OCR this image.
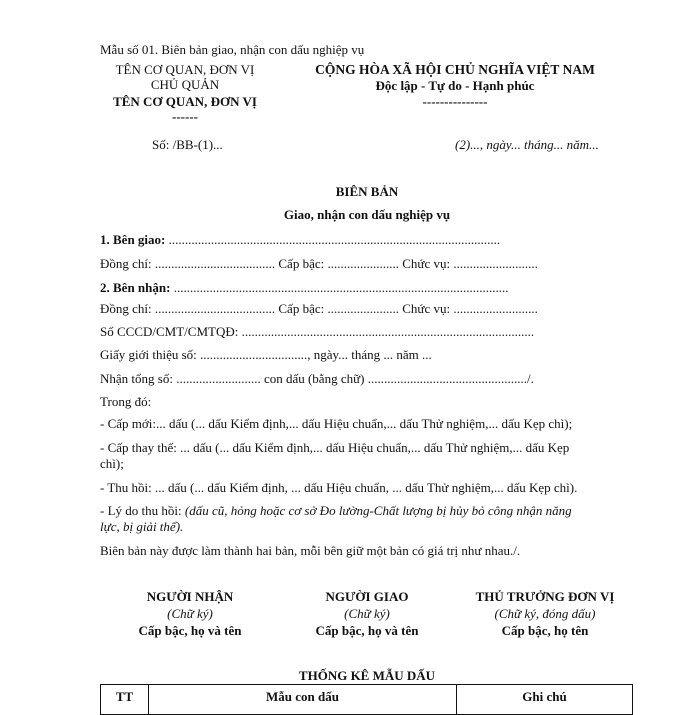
Mẫu số 01. Biên bản giao, nhận con dấu nghiệp vụ
TÊN CƠ QUAN, ĐƠN VỊ
CHỦ QUẢN
TÊN CƠ QUAN, ĐƠN VỊ
------
CỘNG HÒA XÃ HỘI CHỦ NGHĨA VIỆT NAM
Độc lập - Tự do - Hạnh phúc
---------------
Số: /BB-(1)...	(2)..., ngày... tháng... năm...
BIÊN BẢN
Giao, nhận con dấu nghiệp vụ
1. Bên giao: ......................................................................................................
Đồng chí: ..................................... Cấp bậc: ...................... Chức vụ: ..........................
2. Bên nhận: .......................................................................................................
Đồng chí: ..................................... Cấp bậc: ...................... Chức vụ: ..........................
Số CCCD/CMT/CMTQĐ: ..........................................................................................
Giấy giới thiệu số: ................................., ngày... tháng ... năm ...
Nhận tổng số: .......................... con dấu (bằng chữ) ................................................./.
Trong đó:
- Cấp mới:... dấu (... dấu Kiểm định,... dấu Hiệu chuẩn,... dấu Thử nghiệm,... dấu Kẹp chì);
- Cấp thay thế: ... dấu (... dấu Kiểm định,... dấu Hiệu chuẩn,... dấu Thử nghiệm,... dấu Kẹp
chì);
- Thu hồi: ... dấu (... dấu Kiểm định, ... dấu Hiệu chuẩn, ... dấu Thử nghiệm,... dấu Kẹp chì).
- Lý do thu hồi: (dấu cũ, hỏng hoặc cơ sở Đo lường-Chất lượng bị hủy bỏ công nhận năng
lực, bị giải thể).
Biên bản này được làm thành hai bản, mỗi bên giữ một bản có giá trị như nhau./.
NGƯỜI NHẬN
(Chữ ký)
Cấp bậc, họ và tên
NGƯỜI GIAO
(Chữ ký)
Cấp bậc, họ và tên
THỦ TRƯỞNG ĐƠN VỊ
(Chữ ký, đóng dấu)
Cấp bậc, họ tên
THỐNG KÊ MẪU DẤU
TT	Mẫu con dấu	Ghi chú
